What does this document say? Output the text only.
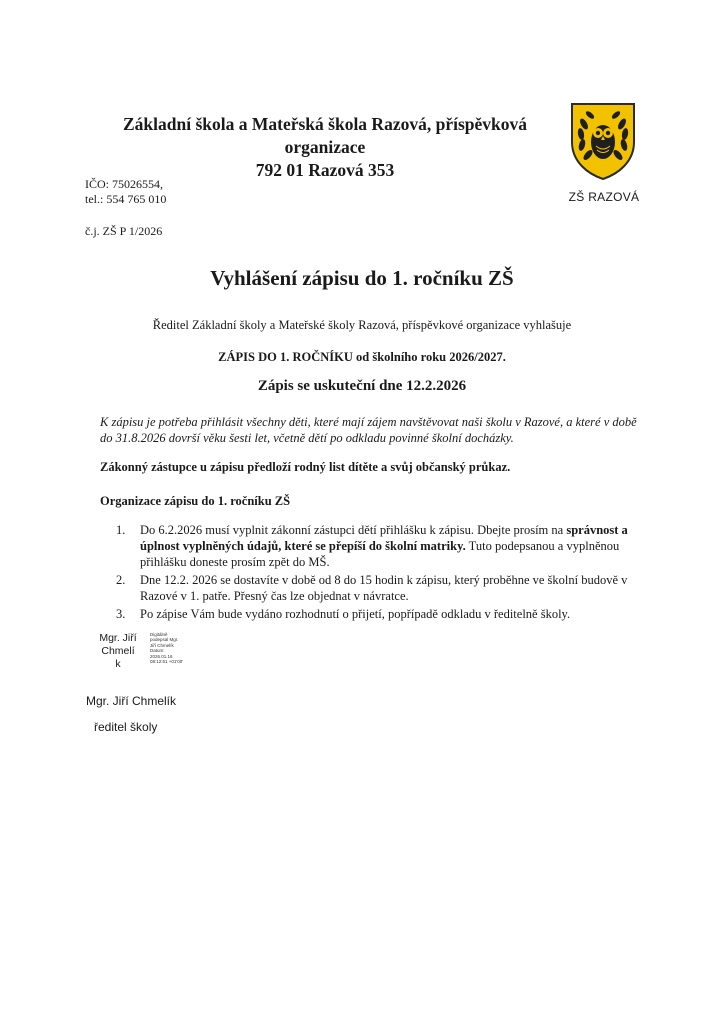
Základní škola a Mateřská škola Razová, příspěvková
organizace
792 01 Razová 353
ZŠ RAZOVÁ
IČO: 75026554,
tel.: 554 765 010
č.j. ZŠ P 1/2026
Vyhlášení zápisu do 1. ročníku ZŠ
Ředitel Základní školy a Mateřské školy Razová, příspěvkové organizace vyhlašuje
ZÁPIS DO 1. ROČNÍKU od školního roku 2026/2027.
Zápis se uskuteční dne 12.2.2026
K zápisu je potřeba přihlásit všechny děti, které mají zájem navštěvovat naši školu v Razové, a které v době do 31.8.2026 dovrší věku šesti let, včetně dětí po odkladu povinné školní docházky.
Zákonný zástupce u zápisu předloží rodný list dítěte a svůj občanský průkaz.
Organizace zápisu do 1. ročníku ZŠ
1. Do 6.2.2026 musí vyplnit zákonní zástupci dětí přihlášku k zápisu. Dbejte prosím na správnost a úplnost vyplněných údajů, které se přepíší do školní matriky. Tuto podepsanou a vyplněnou přihlášku doneste prosím zpět do MŠ.
2. Dne 12.2. 2026 se dostavíte v době od 8 do 15 hodin k zápisu, který proběhne ve školní budově v Razové v 1. patře. Přesný čas lze objednat v návratce.
3. Po zápise Vám bude vydáno rozhodnutí o přijetí, popřípadě odkladu v ředitelně školy.
Mgr. Jiří
Chmelí
k
Digitálně
podepsal Mgr.
Jiří Chmelík
Datum:
2026.01.16
08:12:51 +01'00'
Mgr. Jiří Chmelík
ředitel školy
